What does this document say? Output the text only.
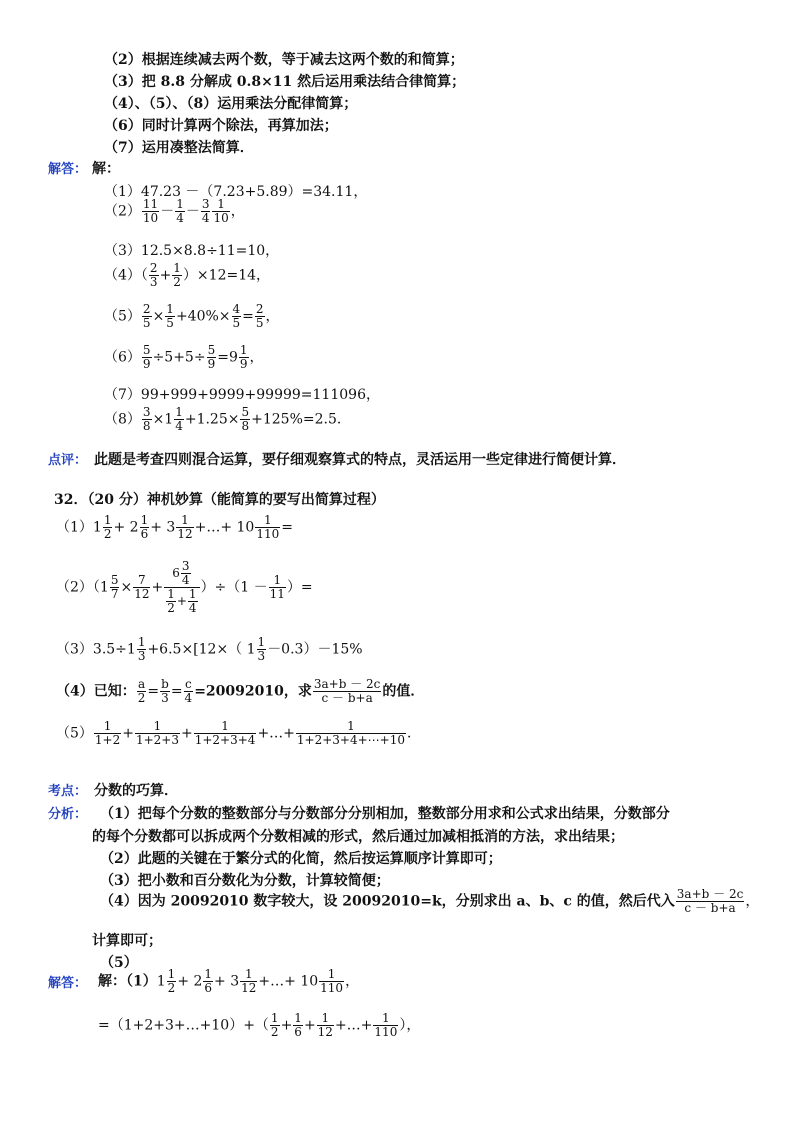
（2）根据连续减去两个数，等于减去这两个数的和简算；
（3）把 8.8 分解成 0.8×11 然后运用乘法结合律简算；
（4）、（5）、（8）运用乘法分配律简算；
（6）同时计算两个除法，再算加法；
（7）运用凑整法简算．
解答： 解：
（1）47.23 －（7.23+5.89）=34.11，
$(2) \frac{11}{10} - \frac{1}{4} - \frac{3}{4} \frac{1}{10}$ ，
（3）12.5×8.8÷11=10，
$(4)( \frac{2}{3} + \frac{1}{2} )\times 12=14$，
$(5) \frac{2}{5} \times \frac{1}{5} +40\%\times \frac{4}{5} = \frac{2}{5}$ ，
$(6) \frac{5}{9} \div 5+5\div \frac{5}{9} =9 \frac{1}{9}$ ，
（7）99+999+9999+99999=111096，
$(8) \frac{3}{8} \times 1 \frac{1}{4} +1.25\times \frac{5}{8} +125\%=2.5$．
点评： 此题是考查四则混合运算，要仔细观察算式的特点，灵活运用一些定律进行简便计算．
32．（20 分）神机妙算（能简算的要写出简算过程）
$(1)1 \frac{1}{2} + 2 \frac{1}{6} + 3 \frac{1}{12}$ +…+ $10 \frac{1}{110}$ =
$(2)(1 \frac{5}{7} \times \frac{7}{12} + \frac{6 \frac{3}{4}}{\frac{1}{2} + \frac{1}{4}} )\div(1 - \frac{1}{11}$ ）=
$(3)3.5\div 1 \frac{1}{3} +6.5\times[12\times$（ $1 \frac{1}{3} -0.3)-15\%$
（4）已知： $\frac{a}{2} = \frac{b}{3} = \frac{c}{4} =20092010$，求 $\frac{3a+b - 2c}{c - b+a}$ 的值．
$(5) \frac{1}{1+2} + \frac{1}{1+2+3} + \frac{1}{1+2+3+4}$ +…+ $\frac{1}{1+2+3+4+\cdots+10}$ ．
考点： 分数的巧算．
分析： （1）把每个分数的整数部分与分数部分分别相加，整数部分用求和公式求出结果，分数部分
的每个分数都可以拆成两个分数相减的形式，然后通过加减相抵消的方法，求出结果；
（2）此题的关键在于繁分式的化简，然后按运算顺序计算即可；
（3）把小数和百分数化为分数，计算较简便；
（4）因为 20092010 数字较大，设 20092010=k，分别求出 a、b、c 的值，然后代入 $\frac{3a+b - 2c}{c - b+a}$ ，
计算即可；
（5）
解答： 解：$(1)1 \frac{1}{2} + 2 \frac{1}{6} + 3 \frac{1}{12}$ +…+ $10 \frac{1}{110}$ ，
=（1+2+3+…+10）+（ $\frac{1}{2} + \frac{1}{6} + \frac{1}{12}$ +…+ $\frac{1}{110}$ ），
